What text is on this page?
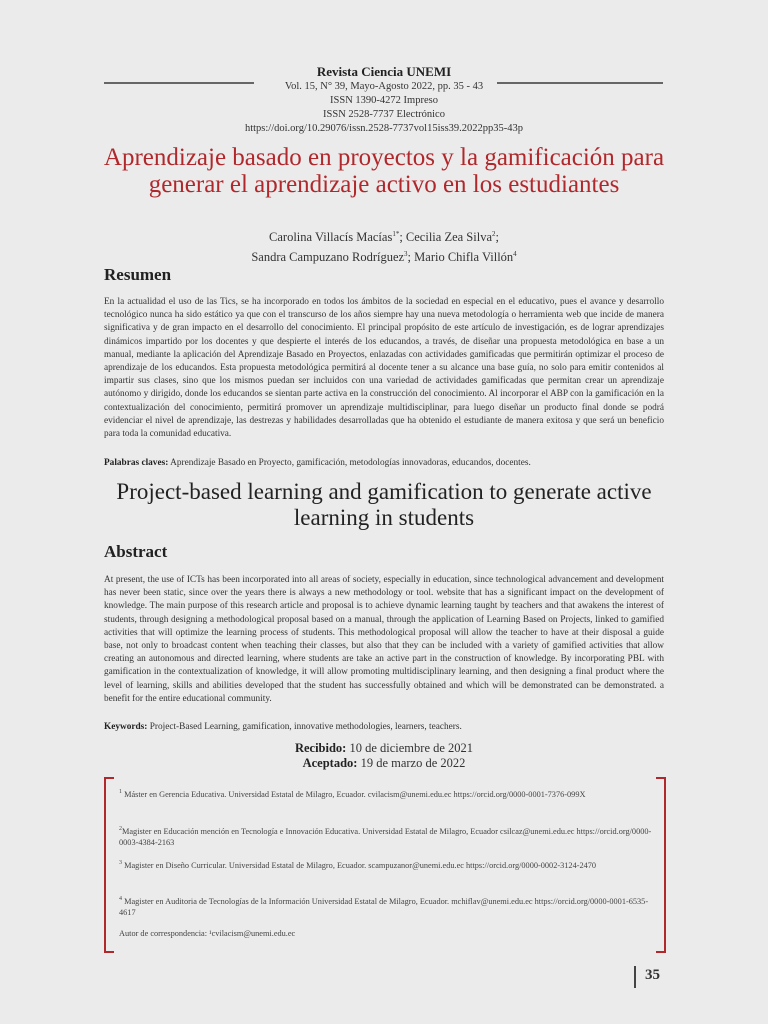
Revista Ciencia UNEMI
Vol. 15, N° 39, Mayo-Agosto 2022, pp. 35 - 43
ISSN 1390-4272 Impreso
ISSN 2528-7737 Electrónico
https://doi.org/10.29076/issn.2528-7737vol15iss39.2022pp35-43p
Aprendizaje basado en proyectos y la gamificación para generar el aprendizaje activo en los estudiantes
Carolina Villacís Macías$^{1*}$; Cecilia Zea Silva$^2$;
Sandra Campuzano Rodríguez$^3$; Mario Chifla Villón$^4$
Resumen

En la actualidad el uso de las Tics, se ha incorporado en todos los ámbitos de la sociedad en especial en el educativo, pues el avance y desarrollo tecnológico nunca ha sido estático ya que con el transcurso de los años siempre hay una nueva metodología o herramienta web que incide de manera significativa y de gran impacto en el desarrollo del conocimiento. El principal propósito de este artículo de investigación, es de lograr aprendizajes dinámicos impartido por los docentes y que despierte el interés de los educandos, a través, de diseñar una propuesta metodológica en base a un manual, mediante la aplicación del Aprendizaje Basado en Proyectos, enlazadas con actividades gamificadas que permitirán optimizar el proceso de aprendizaje de los educandos. Esta propuesta metodológica permitirá al docente tener a su alcance una base guía, no solo para emitir contenidos al impartir sus clases, sino que los mismos puedan ser incluidos con una variedad de actividades gamificadas que permitan crear un aprendizaje autónomo y dirigido, donde los educandos se sientan parte activa en la construcción del conocimiento. Al incorporar el ABP con la gamificación en la contextualización del conocimiento, permitirá promover un aprendizaje multidisciplinar, para luego diseñar un producto final donde se podrá evidenciar el nivel de aprendizaje, las destrezas y habilidades desarrolladas que ha obtenido el estudiante de manera exitosa y que será un beneficio para toda la comunidad educativa.

Palabras claves: Aprendizaje Basado en Proyecto, gamificación, metodologías innovadoras, educandos, docentes.

Project-based learning and gamification to generate active learning in students
Abstract

At present, the use of ICTs has been incorporated into all areas of society, especially in education, since technological advancement and development has never been static, since over the years there is always a new methodology or tool. website that has a significant impact on the development of knowledge. The main purpose of this research article and proposal is to achieve dynamic learning taught by teachers and that awakens the interest of students, through designing a methodological proposal based on a manual, through the application of Learning Based on Projects, linked to gamified activities that will optimize the learning process of students. This methodological proposal will allow the teacher to have at their disposal a guide base, not only to broadcast content when teaching their classes, but also that they can be included with a variety of gamified activities that allow creating an autonomous and directed learning, where students are take an active part in the construction of knowledge. By incorporating PBL with gamification in the contextualization of knowledge, it will allow promoting multidisciplinary learning, and then designing a final product where the level of learning, skills and abilities developed that the student has successfully obtained and which will be demonstrated can be demonstrated. a benefit for the entire educational community.

Keywords: Project-Based Learning, gamification, innovative methodologies, learners, teachers.

Recibido: 10 de diciembre de 2021
Aceptado: 19 de marzo de 2022

$^1$ Máster en Gerencia Educativa. Universidad Estatal de Milagro, Ecuador. cvilacism@unemi.edu.ec https://orcid.org/0000-0001-7376-099X

$^2$Magister en Educación mención en Tecnología e Innovación Educativa. Universidad Estatal de Milagro, Ecuador csilcaz@unemi.edu.ec https://orcid.org/0000-0003-4384-2163

$^3$ Magister en Diseño Curricular. Universidad Estatal de Milagro, Ecuador. scampuzanor@unemi.edu.ec https://orcid.org/0000-0002-3124-2470

$^4$ Magister en Auditoria de Tecnologías de la Información Universidad Estatal de Milagro, Ecuador. mchiflav@unemi.edu.ec https://orcid.org/0000-0001-6535-4617

Autor de correspondencia: ¹cvilacism@unemi.edu.ec

35
